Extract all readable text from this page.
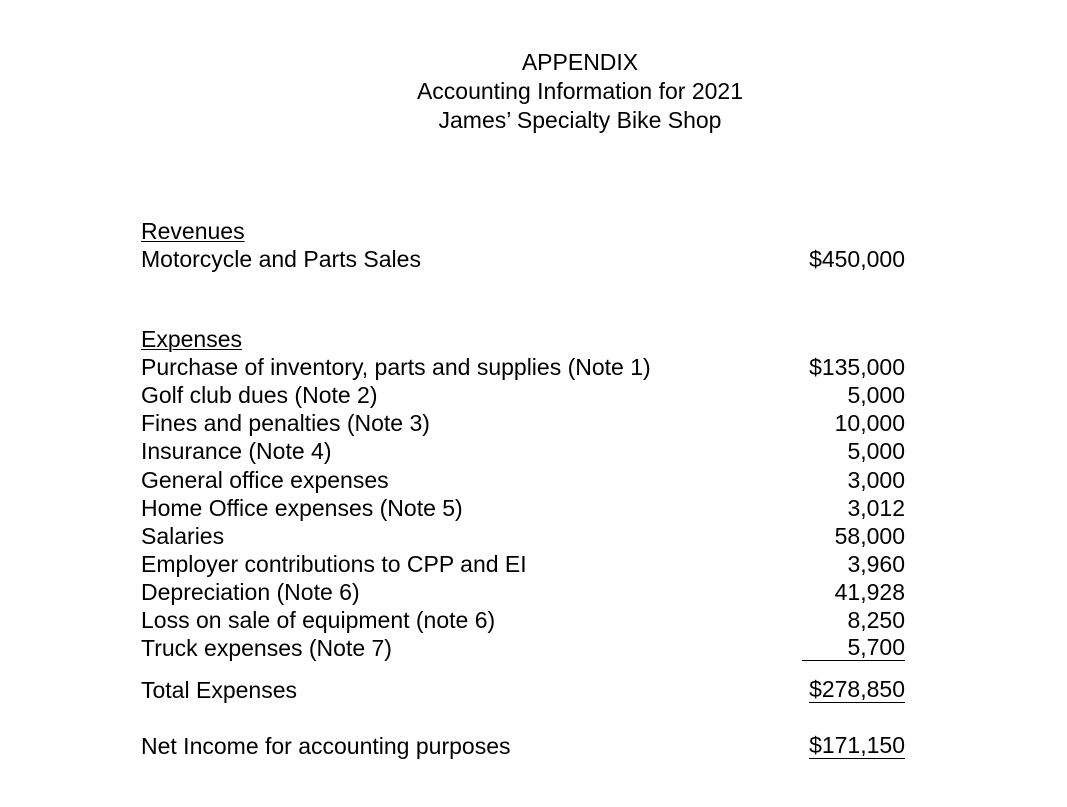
APPENDIX
Accounting Information for 2021
James’ Specialty Bike Shop
Revenues
Motorcycle and Parts Sales	$450,000
Expenses
Purchase of inventory, parts and supplies (Note 1)	$135,000
Golf club dues (Note 2)	5,000
Fines and penalties (Note 3)	10,000
Insurance (Note 4)	5,000
General office expenses	3,000
Home Office expenses (Note 5)	3,012
Salaries	58,000
Employer contributions to CPP and EI	3,960
Depreciation (Note 6)	41,928
Loss on sale of equipment (note 6)	8,250
Truck expenses (Note 7)	5,700
Total Expenses	$278,850
Net Income for accounting purposes	$171,150
